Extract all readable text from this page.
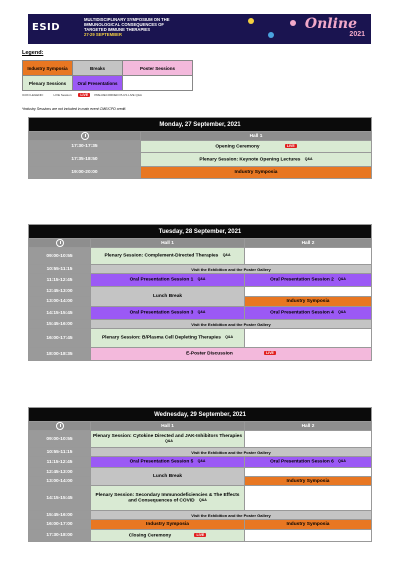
ESID
MULTIDISCIPLINARY SYMPOSIUM ON THE
IMMUNOLOGICAL CONSEQUENCES OF
TARGETED IMMUNE THERAPIES
27-29 SEPTEMBER
Online
2021
Legend:
Industry Symposia	Breaks	Poster Sessions
Plenary Sessions	Oral Presentations	
ICON LEGEND:	LIVE Session	LIVE PRE-RECORDED PLUS LIVE Q&A
*Industry Sessions are not included in main event CME/CPD credit.
Monday, 27 September, 2021	
	Hall 1
17:30-17:35	Opening Ceremony LIVE
17:35-18:50	Plenary Session: Keynote Opening Lectures Q&A
19:00-20:00	Industry Symposia
Tuesday, 28 September, 2021		
	Hall 1	Hall 2
09:00-10:55	Plenary Session: Complement-Directed Therapies Q&A	
10:55-11:15	Visit the Exhibition and the Poster Gallery	
11:15-12:45	Oral Presentation Session 1 Q&A	Oral Presentation Session 2 Q&A
12:45-13:00	Lunch Break	
13:00-14:00		Industry Symposia
14:15-15:45	Oral Presentation Session 3 Q&A	Oral Presentation Session 4 Q&A
15:45-16:00	Visit the Exhibition and the Poster Gallery	
16:00-17:45	Plenary Session: B/Plasma Cell Depleting Therapies Q&A	
18:00-18:35	E-Poster Discussion LIVE	
Wednesday, 29 September, 2021		
	Hall 1	Hall 2
09:00-10:55	Plenary Session: Cytokine Directed and JAK-Inhibitors Therapies Q&A	
10:55-11:15	Visit the Exhibition and the Poster Gallery	
11:15-12:45	Oral Presentation Session 5 Q&A	Oral Presentation Session 6 Q&A
12:45-13:00	Lunch Break	
13:00-14:00		Industry Symposia
14:15-15:45	Plenary Session: Secondary Immunodeficiencies & The Effects and Consequences of COVID Q&A	
15:45-16:00	Visit the Exhibition and the Poster Gallery	
16:00-17:00	Industry Symposia	Industry Symposia
17:30-18:00	Closing Ceremony LIVE	
